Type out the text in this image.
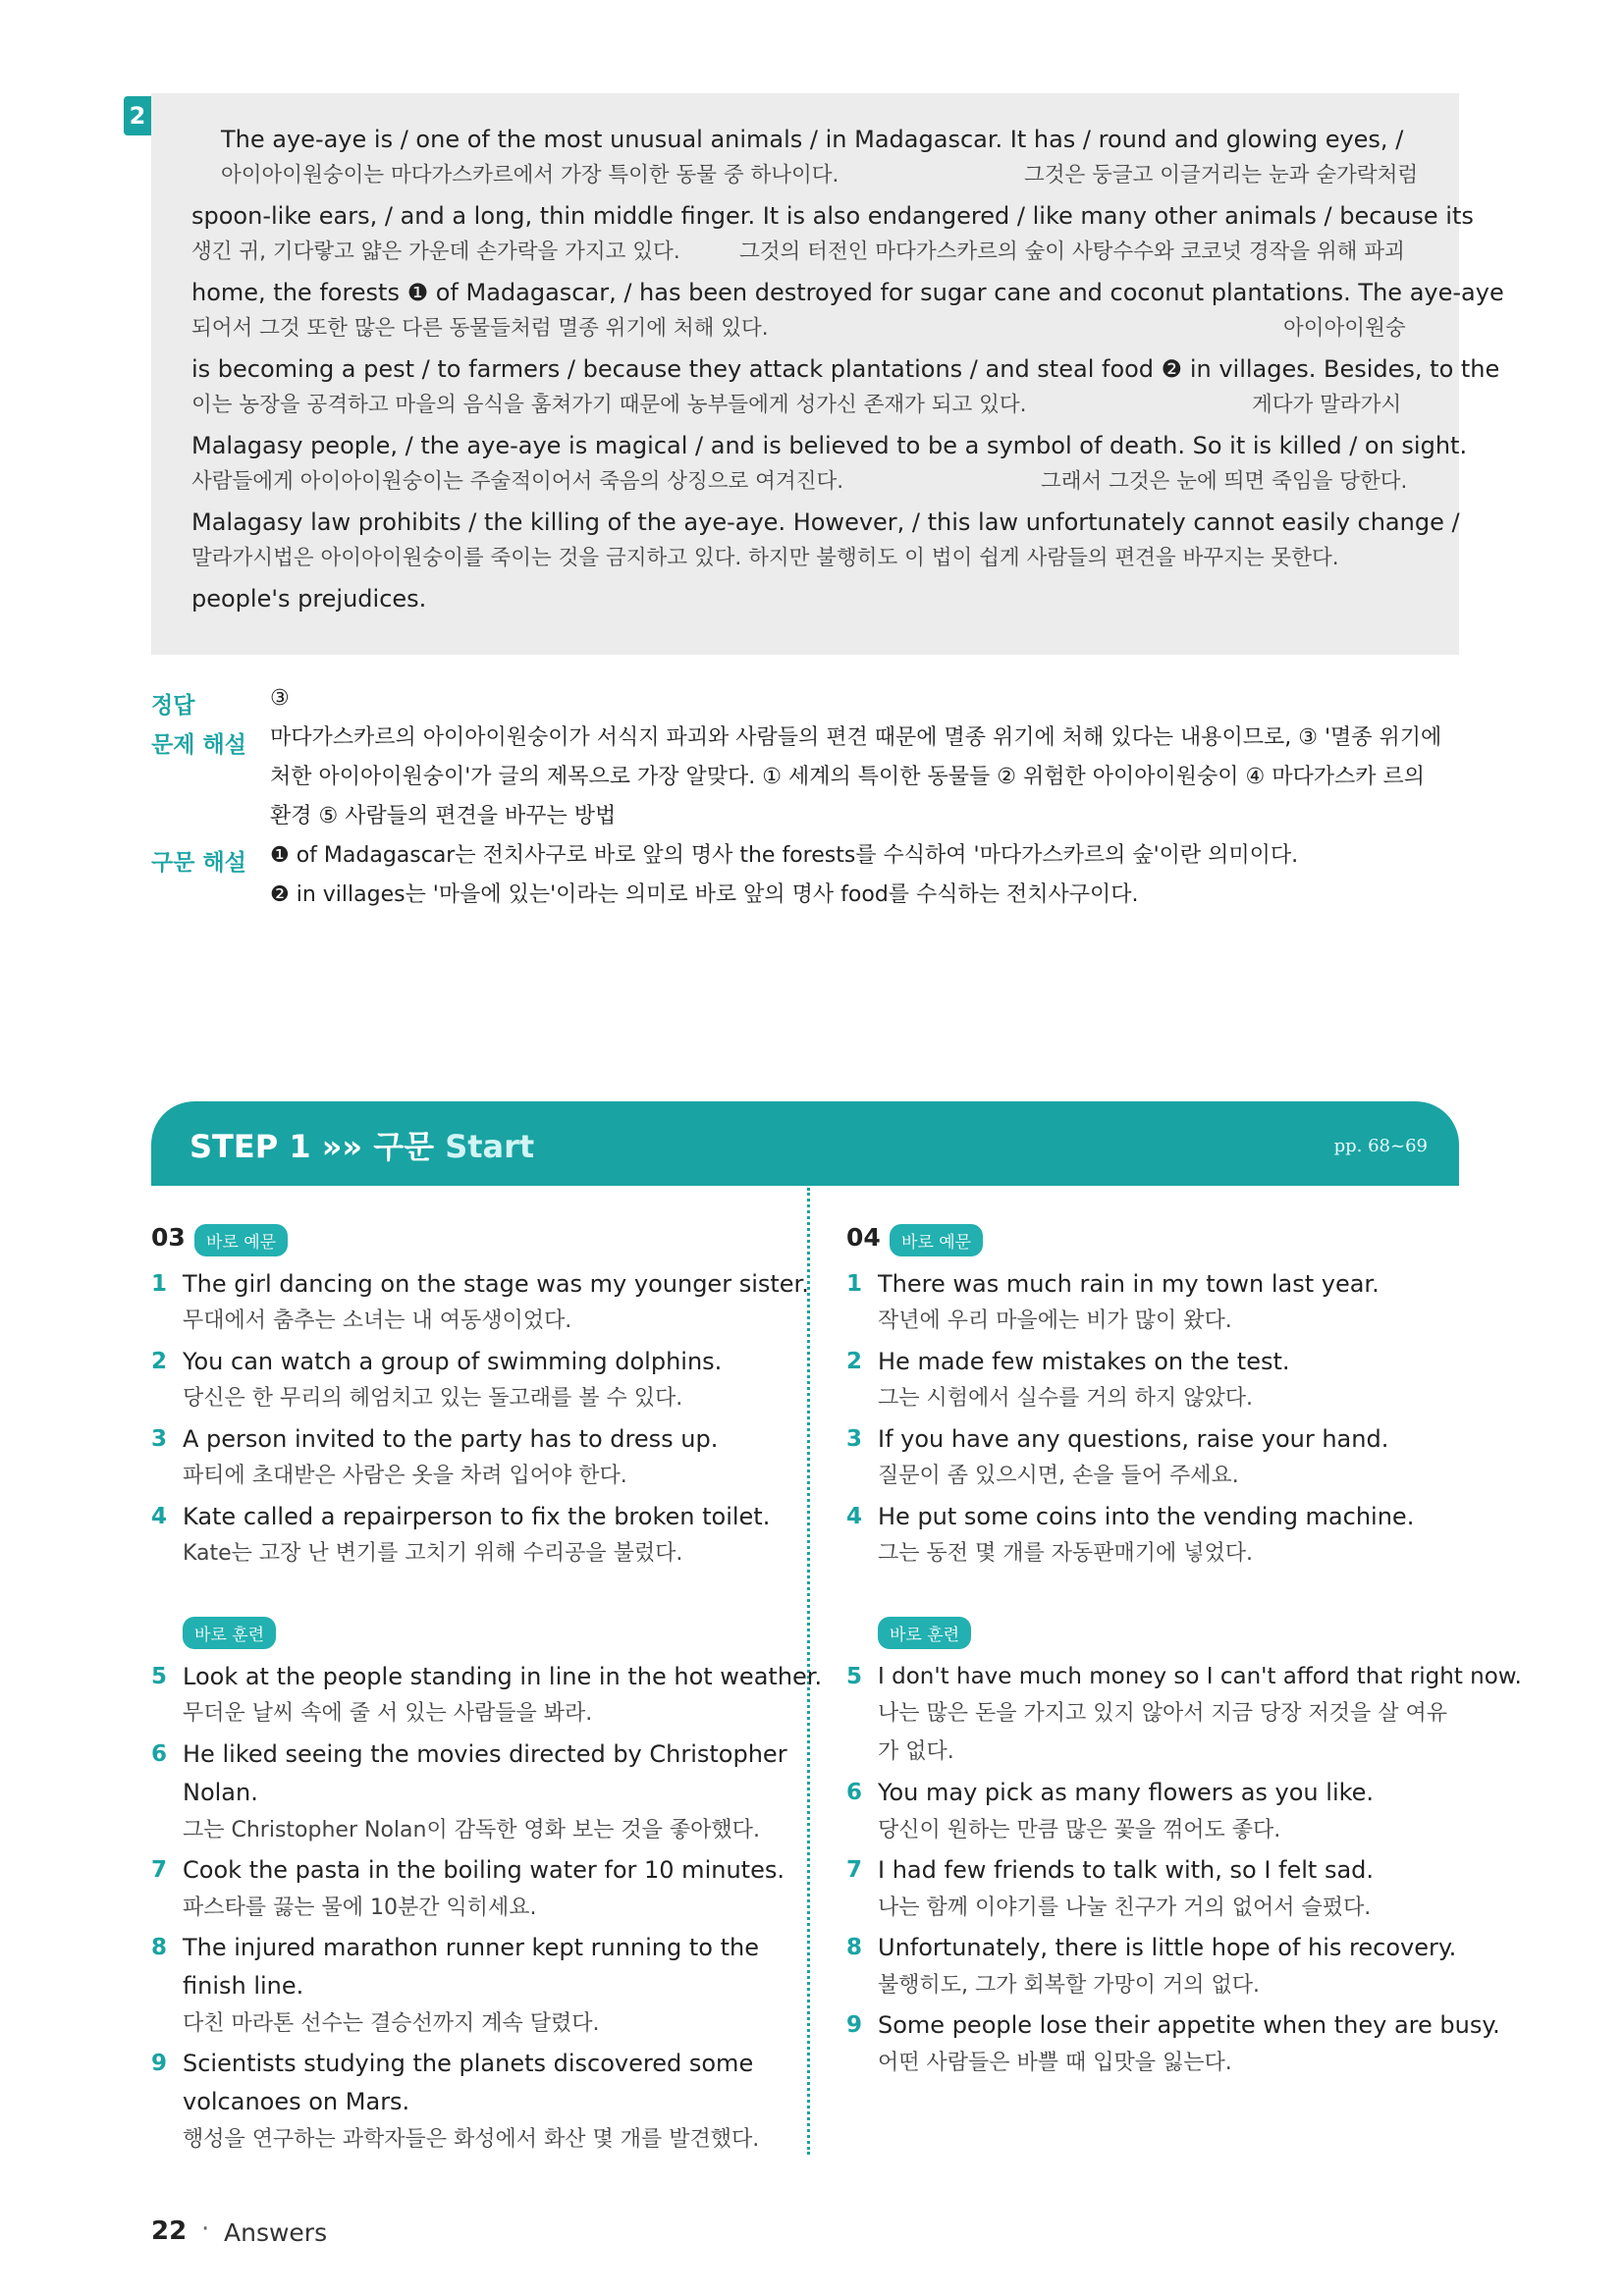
2
The aye-aye is / one of the most unusual animals / in Madagascar. It has / round and glowing eyes, /
아이아이원숭이는 마다가스카르에서 가장 특이한 동물 중 하나이다.	그것은 둥글고 이글거리는 눈과 숟가락처럼
spoon-like ears, / and a long, thin middle finger. It is also endangered / like many other animals / because its
생긴 귀, 기다랗고 얇은 가운데 손가락을 가지고 있다.	그것의 터전인 마다가스카르의 숲이 사탕수수와 코코넛 경작을 위해 파괴
home, the forests ❶ of Madagascar, / has been destroyed for sugar cane and coconut plantations. The aye-aye
되어서 그것 또한 많은 다른 동물들처럼 멸종 위기에 처해 있다.	아이아이원숭
is becoming a pest / to farmers / because they attack plantations / and steal food ❷ in villages. Besides, to the
이는 농장을 공격하고 마을의 음식을 훔쳐가기 때문에 농부들에게 성가신 존재가 되고 있다.	게다가 말라가시
Malagasy people, / the aye-aye is magical / and is believed to be a symbol of death. So it is killed / on sight.
사람들에게 아이아이원숭이는 주술적이어서 죽음의 상징으로 여겨진다.	그래서 그것은 눈에 띄면 죽임을 당한다.
Malagasy law prohibits / the killing of the aye-aye. However, / this law unfortunately cannot easily change /
말라가시법은 아이아이원숭이를 죽이는 것을 금지하고 있다. 하지만 불행히도 이 법이 쉽게 사람들의 편견을 바꾸지는 못한다.
people's prejudices.
정답	③
문제 해설 마다가스카르의 아이아이원숭이가 서식지 파괴와 사람들의 편견 때문에 멸종 위기에 처해 있다는 내용이므로, ③ '멸종 위기에
처한 아이아이원숭이'가 글의 제목으로 가장 알맞다. ① 세계의 특이한 동물들 ② 위험한 아이아이원숭이 ④ 마다가스카 르의
환경 ⑤ 사람들의 편견을 바꾸는 방법
구문 해설 ❶ of Madagascar는 전치사구로 바로 앞의 명사 the forests를 수식하여 '마다가스카르의 숲'이란 의미이다.
❷ in villages는 '마을에 있는'이라는 의미로 바로 앞의 명사 food를 수식하는 전치사구이다.
STEP 1 »» 구문 Start	pp. 68~69
03	바로 예문
1 The girl dancing on the stage was my younger sister.
무대에서 춤추는 소녀는 내 여동생이었다.
2 You can watch a group of swimming dolphins.
당신은 한 무리의 헤엄치고 있는 돌고래를 볼 수 있다.
3 A person invited to the party has to dress up.
파티에 초대받은 사람은 옷을 차려 입어야 한다.
4 Kate called a repairperson to fix the broken toilet.
Kate는 고장 난 변기를 고치기 위해 수리공을 불렀다.
바로 훈련
5 Look at the people standing in line in the hot weather.
무더운 날씨 속에 줄 서 있는 사람들을 봐라.
6 He liked seeing the movies directed by Christopher
Nolan.
그는 Christopher Nolan이 감독한 영화 보는 것을 좋아했다.
7 Cook the pasta in the boiling water for 10 minutes.
파스타를 끓는 물에 10분간 익히세요.
8 The injured marathon runner kept running to the
finish line.
다친 마라톤 선수는 결승선까지 계속 달렸다.
9 Scientists studying the planets discovered some
volcanoes on Mars.
행성을 연구하는 과학자들은 화성에서 화산 몇 개를 발견했다.
04	바로 예문
1 There was much rain in my town last year.
작년에 우리 마을에는 비가 많이 왔다.
2 He made few mistakes on the test.
그는 시험에서 실수를 거의 하지 않았다.
3 If you have any questions, raise your hand.
질문이 좀 있으시면, 손을 들어 주세요.
4 He put some coins into the vending machine.
그는 동전 몇 개를 자동판매기에 넣었다.
바로 훈련
5 I don't have much money so I can't afford that right now.
나는 많은 돈을 가지고 있지 않아서 지금 당장 저것을 살 여유
가 없다.
6 You may pick as many flowers as you like.
당신이 원하는 만큼 많은 꽃을 꺾어도 좋다.
7 I had few friends to talk with, so I felt sad.
나는 함께 이야기를 나눌 친구가 거의 없어서 슬펐다.
8 Unfortunately, there is little hope of his recovery.
불행히도, 그가 회복할 가망이 거의 없다.
9 Some people lose their appetite when they are busy.
어떤 사람들은 바쁠 때 입맛을 잃는다.
22 · Answers
